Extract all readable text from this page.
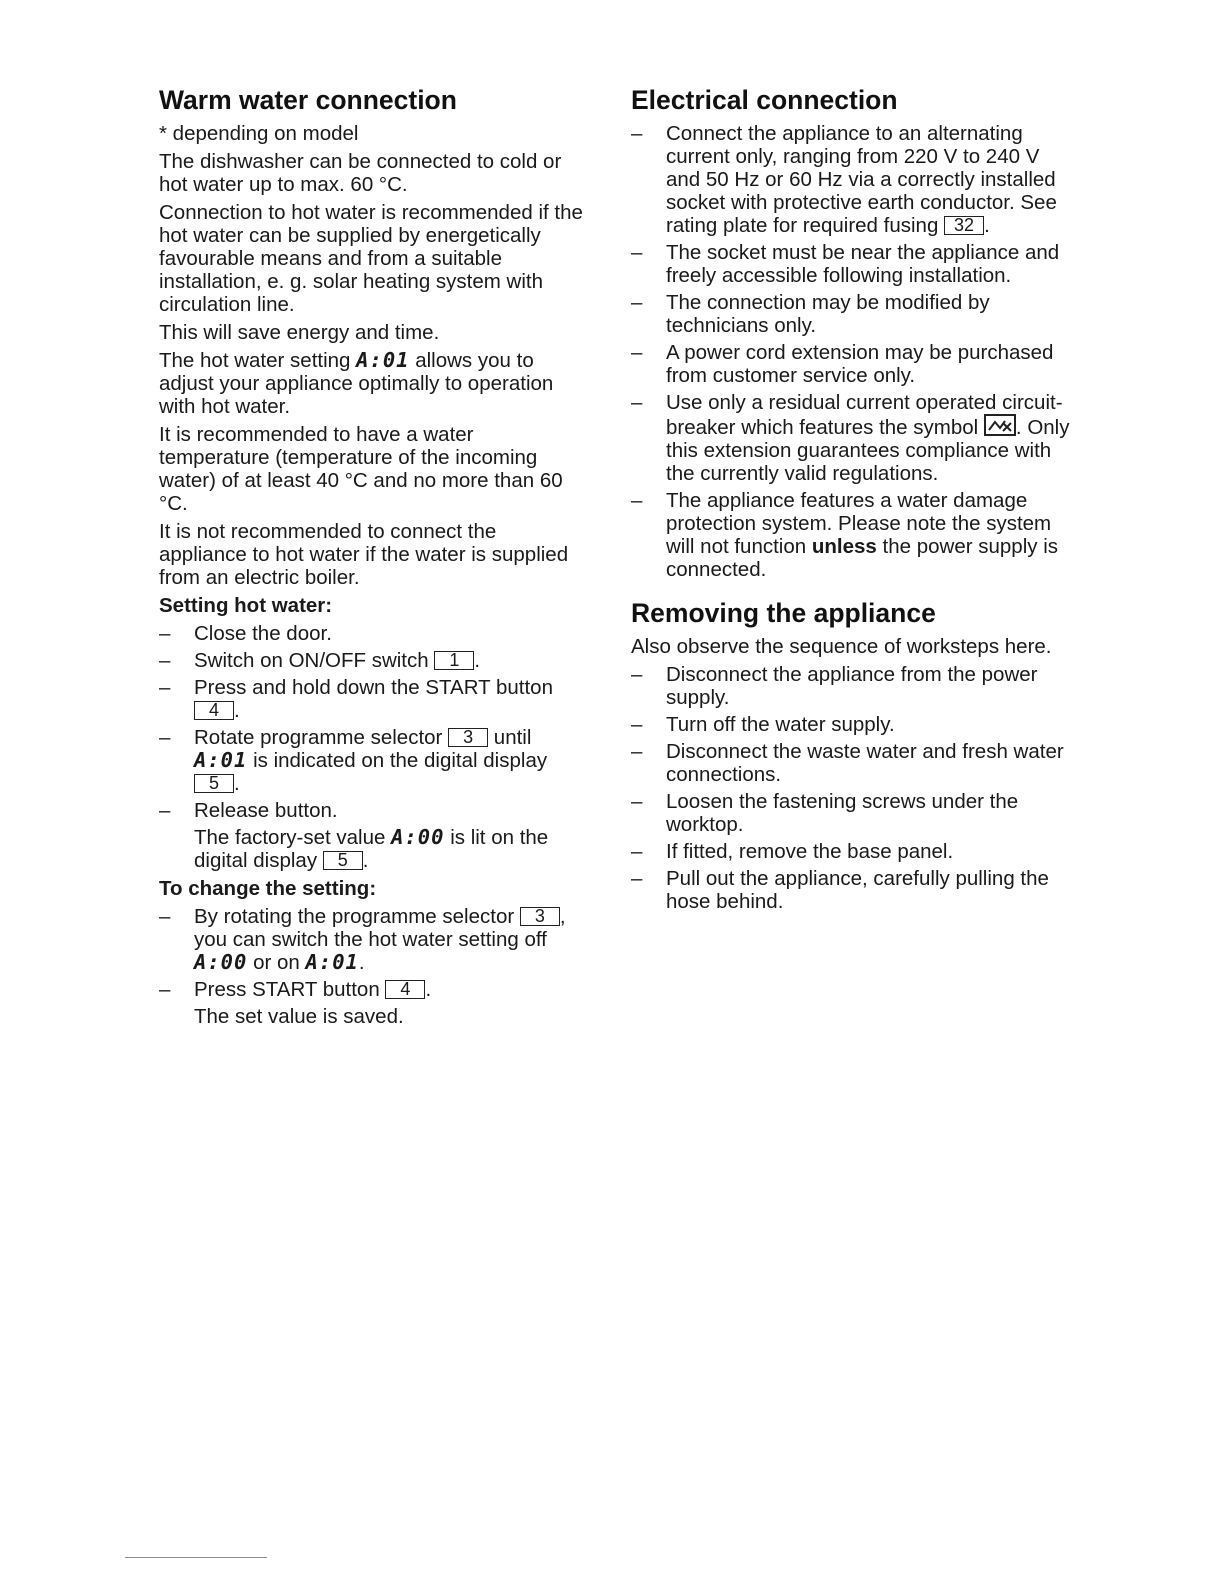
Warm water connection

* depending on model

The dishwasher can be connected to cold or hot water up to max. 60 °C.

Connection to hot water is recommended if the hot water can be supplied by energetically favourable means and from a suitable installation, e. g. solar heating system with circulation line.

This will save energy and time.

The hot water setting A:01 allows you to adjust your appliance optimally to operation with hot water.

It is recommended to have a water temperature (temperature of the incoming water) of at least 40 °C and no more than 60 °C.

It is not recommended to connect the appliance to hot water if the water is supplied from an electric boiler.

Setting hot water:
– Close the door.
– Switch on ON/OFF switch 1 .
– Press and hold down the START button 4 .
– Rotate programme selector 3 until A:01 is indicated on the digital display 5 .
– Release button.

The factory-set value A:00 is lit on the digital display 5 .

To change the setting:
– By rotating the programme selector 3 , you can switch the hot water setting off A:00 or on A:01.
– Press START button 4 .

The set value is saved.

Electrical connection
– Connect the appliance to an alternating current only, ranging from 220 V to 240 V and 50 Hz or 60 Hz via a correctly installed socket with protective earth conductor. See rating plate for required fusing 32 .
– The socket must be near the appliance and freely accessible following installation.
– The connection may be modified by technicians only.
– A power cord extension may be purchased from customer service only.
– Use only a residual current operated circuit-breaker which features the symbol . Only this extension guarantees compliance with the currently valid regulations.
– The appliance features a water damage protection system. Please note the system will not function unless the power supply is connected.
Removing the appliance

Also observe the sequence of worksteps here.

– Disconnect the appliance from the power supply.
– Turn off the water supply.
– Disconnect the waste water and fresh water connections.
– Loosen the fastening screws under the worktop.
– If fitted, remove the base panel.
– Pull out the appliance, carefully pulling the hose behind.
